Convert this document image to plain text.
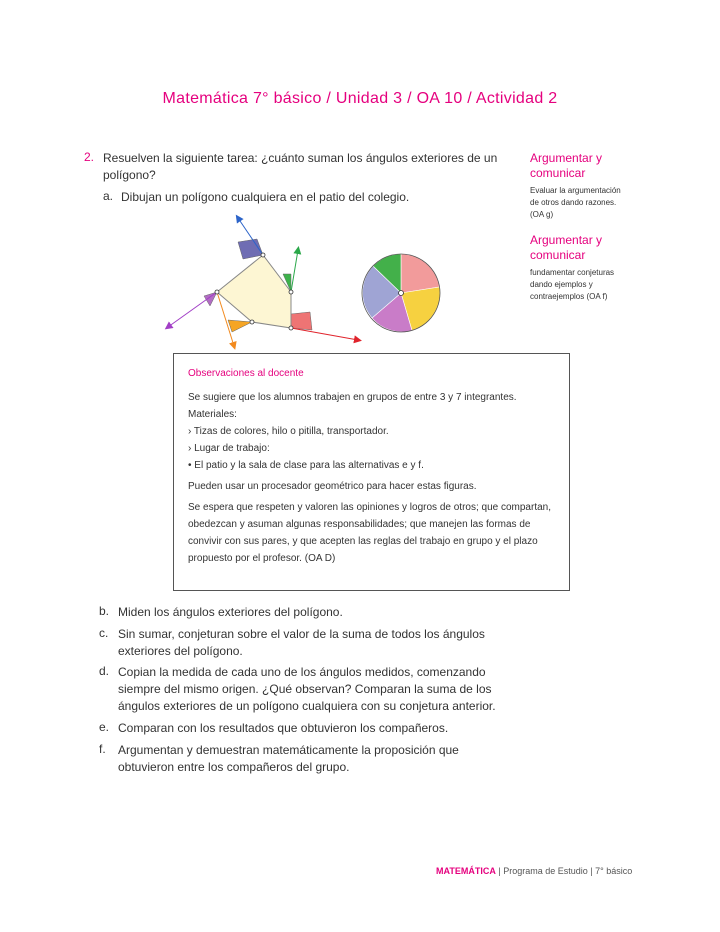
Matemática 7° básico / Unidad 3 / OA 10 / Actividad 2
2. Resuelven la siguiente tarea: ¿cuánto suman los ángulos exteriores de un
polígono?
a. Dibujan un polígono cualquiera en el patio del colegio.
Argumentar y
comunicar

Evaluar la argumentación
de otros dando razones.
(OA g)

Argumentar y
comunicar

fundamentar conjeturas
dando ejemplos y
contraejemplos (OA f)

Observaciones al docente
Se sugiere que los alumnos trabajen en grupos de entre 3 y 7 integrantes.
Materiales:
› Tizas de colores, hilo o pitilla, transportador.
› Lugar de trabajo:
• El patio y la sala de clase para las alternativas e y f.
Pueden usar un procesador geométrico para hacer estas figuras.
Se espera que respeten y valoren las opiniones y logros de otros; que compartan,
obedezcan y asuman algunas responsabilidades; que manejen las formas de
convivir con sus pares, y que acepten las reglas del trabajo en grupo y el plazo
propuesto por el profesor. (OA D)
b. Miden los ángulos exteriores del polígono.
c. Sin sumar, conjeturan sobre el valor de la suma de todos los ángulos
exteriores del polígono.
d. Copian la medida de cada uno de los ángulos medidos, comenzando
siempre del mismo origen. ¿Qué observan? Comparan la suma de los
ángulos exteriores de un polígono cualquiera con su conjetura anterior.
e. Comparan con los resultados que obtuvieron los compañeros.
f. Argumentan y demuestran matemáticamente la proposición que
obtuvieron entre los compañeros del grupo.
MATEMÁTICA | Programa de Estudio | 7° básico
